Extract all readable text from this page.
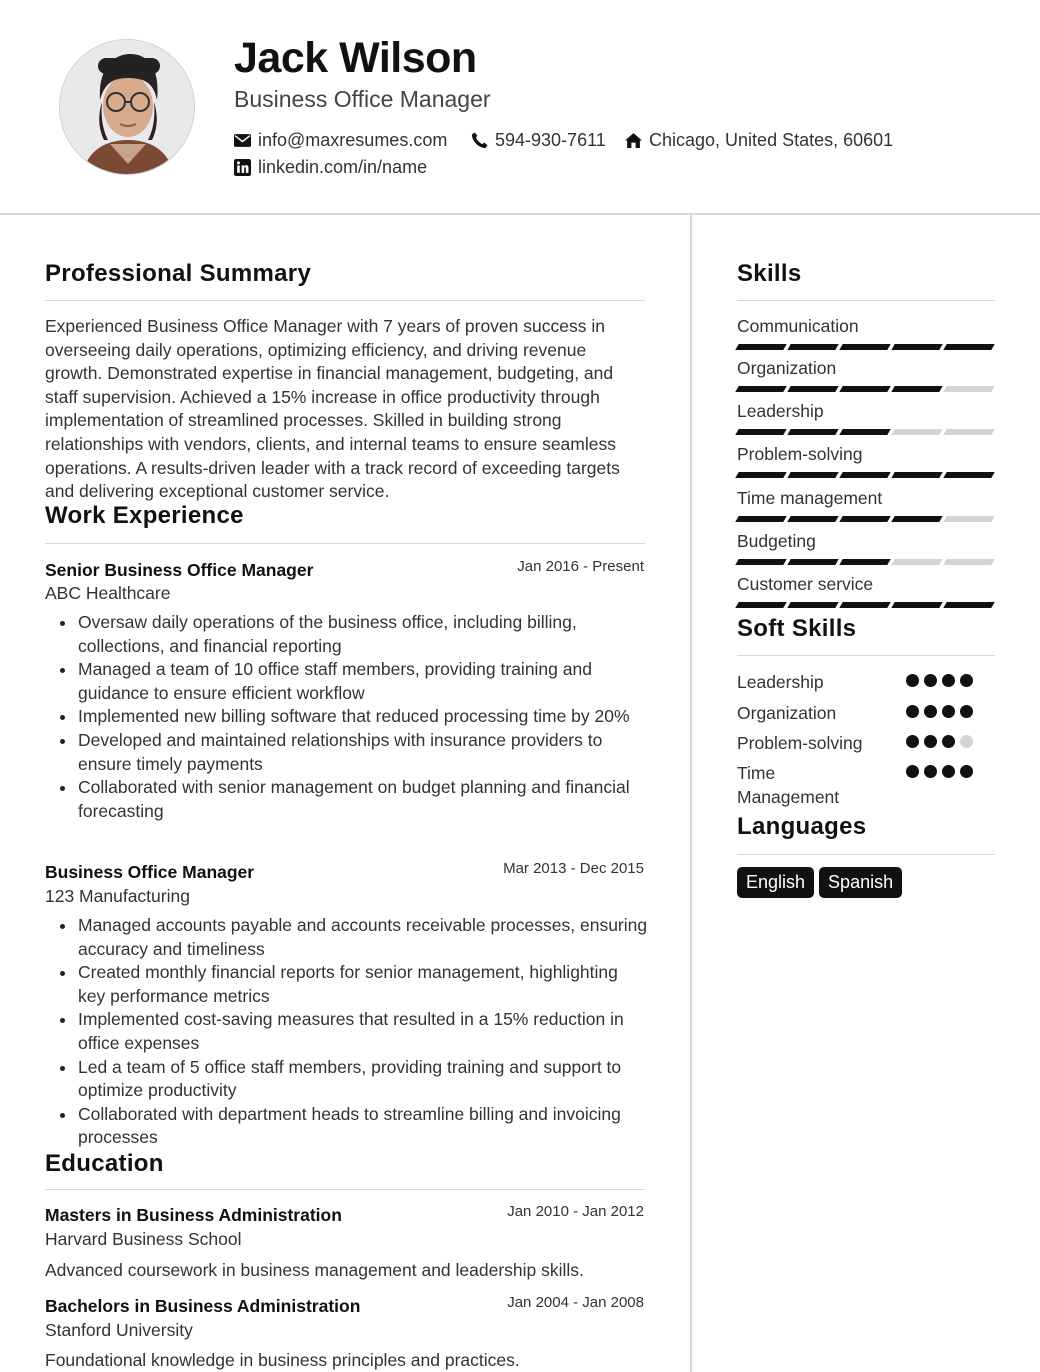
Jack Wilson
Business Office Manager
info@maxresumes.com	594-930-7611 Chicago, United States, 60601
linkedin.com/in/name
Professional Summary
Experienced Business Office Manager with 7 years of proven success in overseeing daily operations, optimizing efficiency, and driving revenue growth. Demonstrated expertise in financial management, budgeting, and staff supervision. Achieved a 15% increase in office productivity through implementation of streamlined processes. Skilled in building strong relationships with vendors, clients, and internal teams to ensure seamless operations. A results-driven leader with a track record of exceeding targets and delivering exceptional customer service.
Work Experience
Senior Business Office Manager	Jan 2016 - Present
ABC Healthcare
Oversaw daily operations of the business office, including billing, collections, and financial reporting
Managed a team of 10 office staff members, providing training and guidance to ensure efficient workflow
Implemented new billing software that reduced processing time by 20%
Developed and maintained relationships with insurance providers to ensure timely payments
Collaborated with senior management on budget planning and financial forecasting
Business Office Manager	Mar 2013 - Dec 2015
123 Manufacturing
Managed accounts payable and accounts receivable processes, ensuring accuracy and timeliness
Created monthly financial reports for senior management, highlighting key performance metrics
Implemented cost-saving measures that resulted in a 15% reduction in office expenses
Led a team of 5 office staff members, providing training and support to optimize productivity
Collaborated with department heads to streamline billing and invoicing processes
Education
Masters in Business Administration	Jan 2010 - Jan 2012
Harvard Business School
Advanced coursework in business management and leadership skills.
Bachelors in Business Administration	Jan 2004 - Jan 2008
Stanford University
Foundational knowledge in business principles and practices.
Skills
Communication
Organization
Leadership
Problem-solving
Time management
Budgeting
Customer service
Soft Skills
Leadership
Organization
Problem-solving
Time Management
Languages
English	Spanish
